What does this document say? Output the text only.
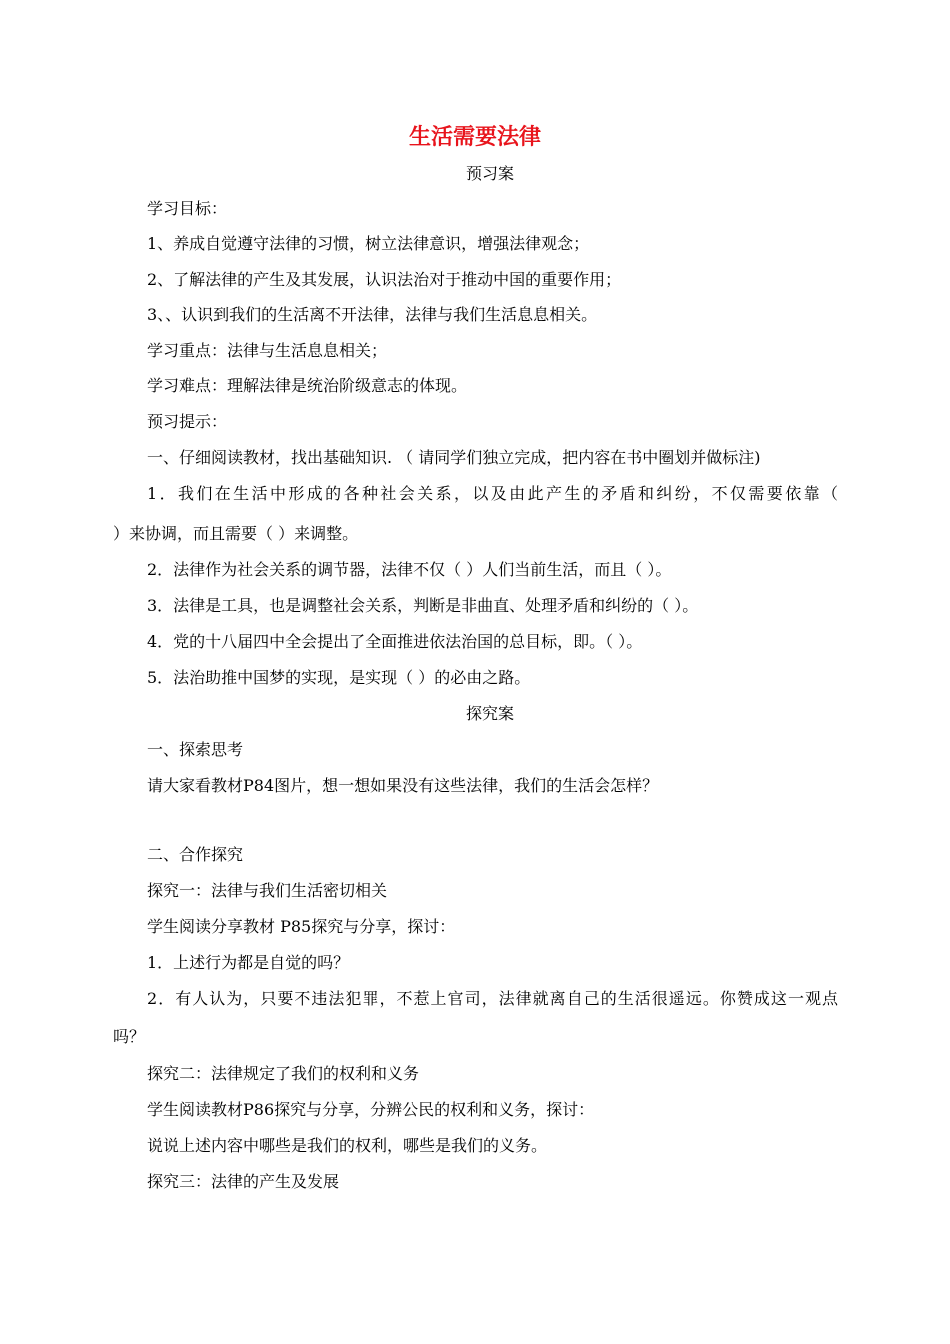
生活需要法律
预习案
学习目标：
1、养成自觉遵守法律的习惯，树立法律意识，增强法律观念；
2、了解法律的产生及其发展，认识法治对于推动中国的重要作用；
3、、认识到我们的生活离不开法律，法律与我们生活息息相关。
学习重点：法律与生活息息相关；
学习难点：理解法律是统治阶级意志的体现。
预习提示：
一、仔细阅读教材，找出基础知识. （ 请同学们独立完成，把内容在书中圈划并做标注)
1．我们在生活中形成的各种社会关系，以及由此产生的矛盾和纠纷，不仅需要依靠（
）来协调，而且需要（ ）来调整。
2．法律作为社会关系的调节器，法律不仅（ ）人们当前生活，而且（ ）。
3．法律是工具，也是调整社会关系，判断是非曲直、处理矛盾和纠纷的（ ）。
4．党的十八届四中全会提出了全面推进依法治国的总目标，即。（ ）。
5．法治助推中国梦的实现，是实现（ ）的必由之路。
探究案
一、探索思考
请大家看教材P84图片，想一想如果没有这些法律，我们的生活会怎样？
二、合作探究
探究一：法律与我们生活密切相关
学生阅读分享教材 P85探究与分享，探讨：
1．上述行为都是自觉的吗？
2．有人认为，只要不违法犯罪，不惹上官司，法律就离自己的生活很遥远。你赞成这一观点
吗？
探究二：法律规定了我们的权利和义务
学生阅读教材P86探究与分享，分辨公民的权利和义务，探讨：
说说上述内容中哪些是我们的权利，哪些是我们的义务。
探究三：法律的产生及发展
